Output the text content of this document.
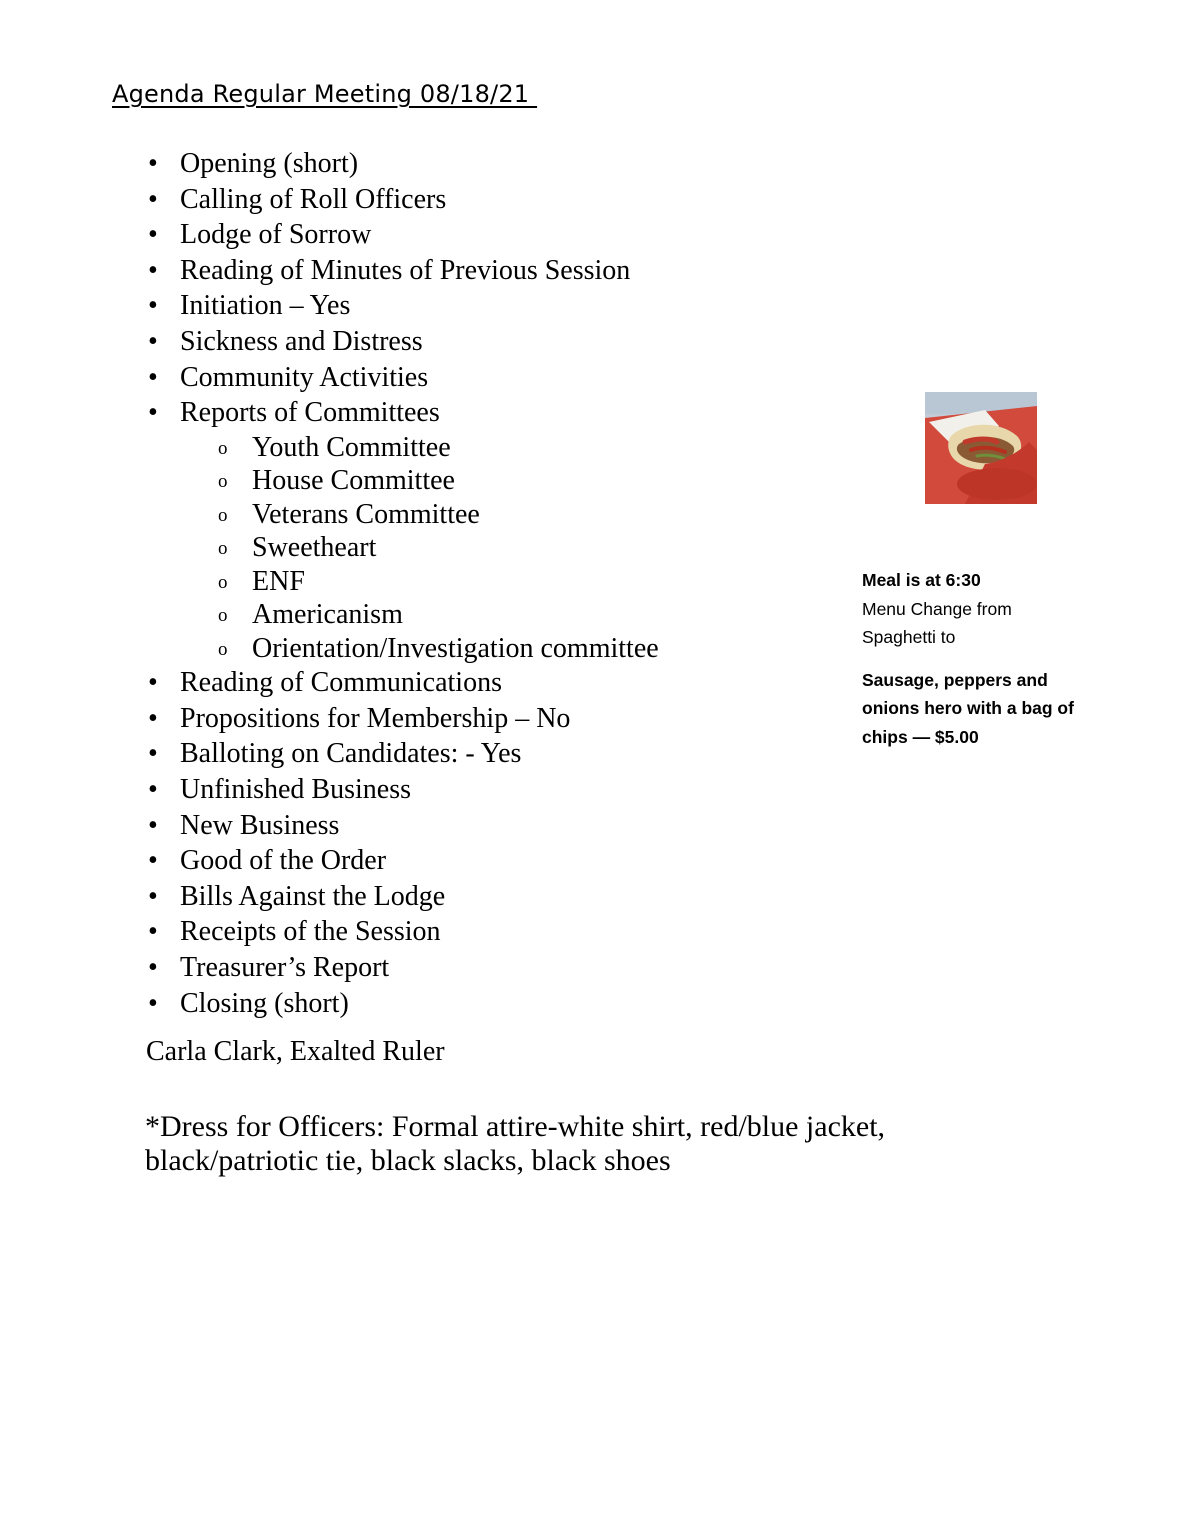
Agenda Regular Meeting 08/18/21
• Opening (short)
• Calling of Roll Officers
• Lodge of Sorrow
• Reading of Minutes of Previous Session
• Initiation – Yes
• Sickness and Distress
• Community Activities
• Reports of Committees
o Youth Committee
o House Committee
o Veterans Committee
o Sweetheart
o ENF
o Americanism
o Orientation/Investigation committee
• Reading of Communications
• Propositions for Membership – No
• Balloting on Candidates: - Yes
• Unfinished Business
• New Business
• Good of the Order
• Bills Against the Lodge
• Receipts of the Session
• Treasurer’s Report
• Closing (short)
Carla Clark, Exalted Ruler
*Dress for Officers: Formal attire-white shirt, red/blue jacket, black/patriotic tie, black slacks, black shoes
Meal is at 6:30
Menu Change from
Spaghetti to
Sausage, peppers and
onions hero with a bag of
chips — $5.00
